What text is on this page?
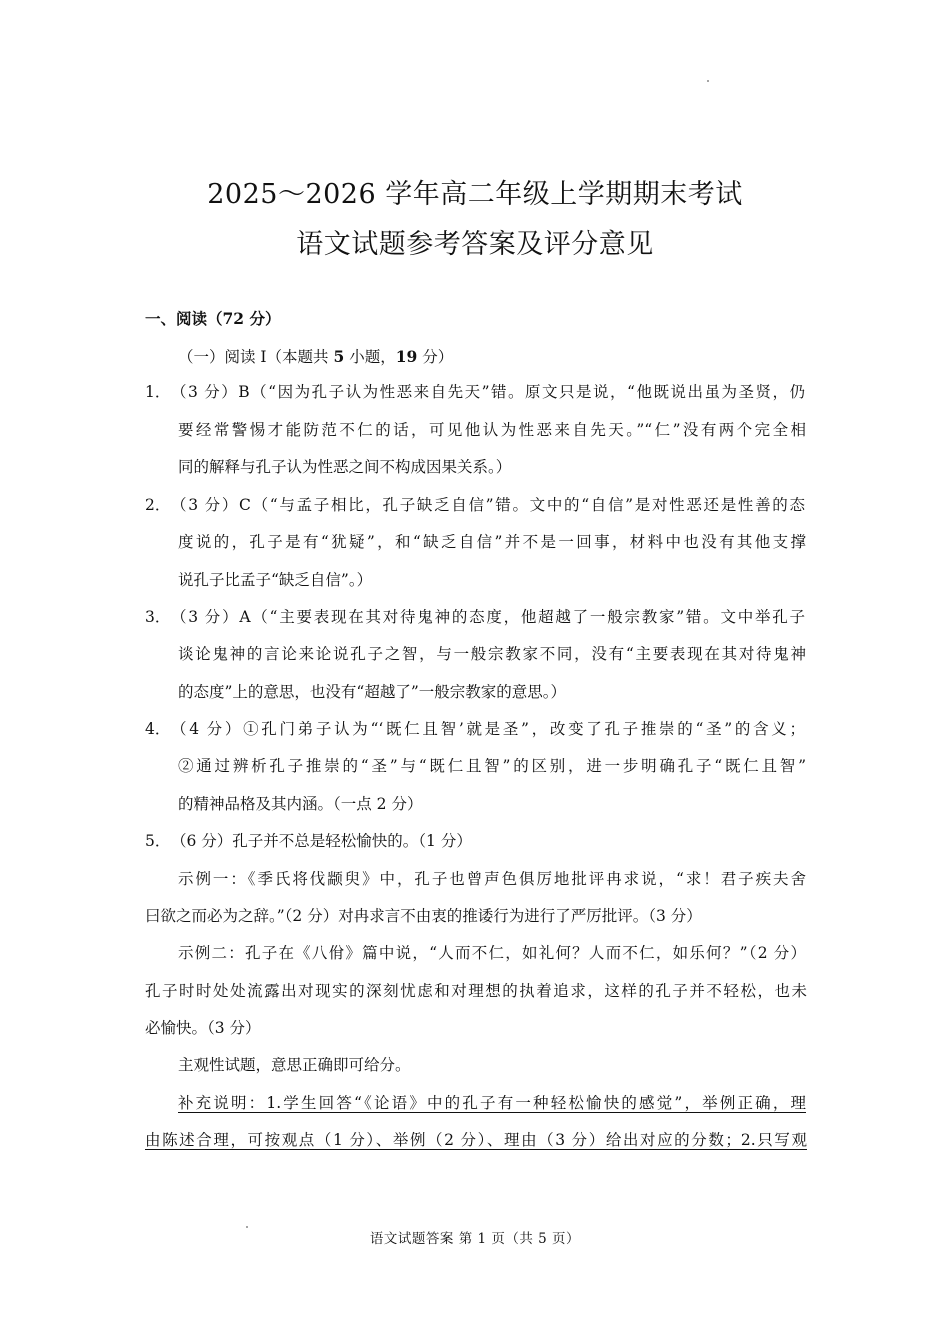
2025～2026 学年高二年级上学期期末考试
语文试题参考答案及评分意见
一、阅读（72 分）
（一）阅读 I（本题共 5 小题，19 分）
1．（3 分）B（“因为孔子认为性恶来自先天”错。原文只是说，“他既说出虽为圣贤，仍
要经常警惕才能防范不仁的话，可见他认为性恶来自先天。”“仁”没有两个完全相
同的解释与孔子认为性恶之间不构成因果关系。）
2．（3 分）C（“与孟子相比，孔子缺乏自信”错。文中的“自信”是对性恶还是性善的态
度说的，孔子是有“犹疑”，和“缺乏自信”并不是一回事，材料中也没有其他支撑
说孔子比孟子“缺乏自信”。）
3．（3 分）A（“主要表现在其对待鬼神的态度，他超越了一般宗教家”错。文中举孔子
谈论鬼神的言论来论说孔子之智，与一般宗教家不同，没有“主要表现在其对待鬼神
的态度”上的意思，也没有“超越了”一般宗教家的意思。）
4．（4 分）①孔门弟子认为“‘既仁且智’就是圣”，改变了孔子推崇的“圣”的含义；
②通过辨析孔子推崇的“圣”与“既仁且智”的区别，进一步明确孔子“既仁且智”
的精神品格及其内涵。（一点 2 分）
5．（6 分）孔子并不总是轻松愉快的。（1 分）
示例一：《季氏将伐颛臾》中，孔子也曾声色俱厉地批评冉求说，“求！君子疾夫舍
曰欲之而必为之辞。”（2 分）对冉求言不由衷的推诿行为进行了严厉批评。（3 分）
示例二：孔子在《八佾》篇中说，“人而不仁，如礼何？人而不仁，如乐何？”（2 分）
孔子时时处处流露出对现实的深刻忧虑和对理想的执着追求，这样的孔子并不轻松，也未
必愉快。（3 分）
主观性试题，意思正确即可给分。
补充说明：1.学生回答“《论语》中的孔子有一种轻松愉快的感觉”，举例正确，理
由陈述合理，可按观点（1 分）、举例（2 分）、理由（3 分）给出对应的分数；2.只写观
语文试题答案 第 1 页（共 5 页）
